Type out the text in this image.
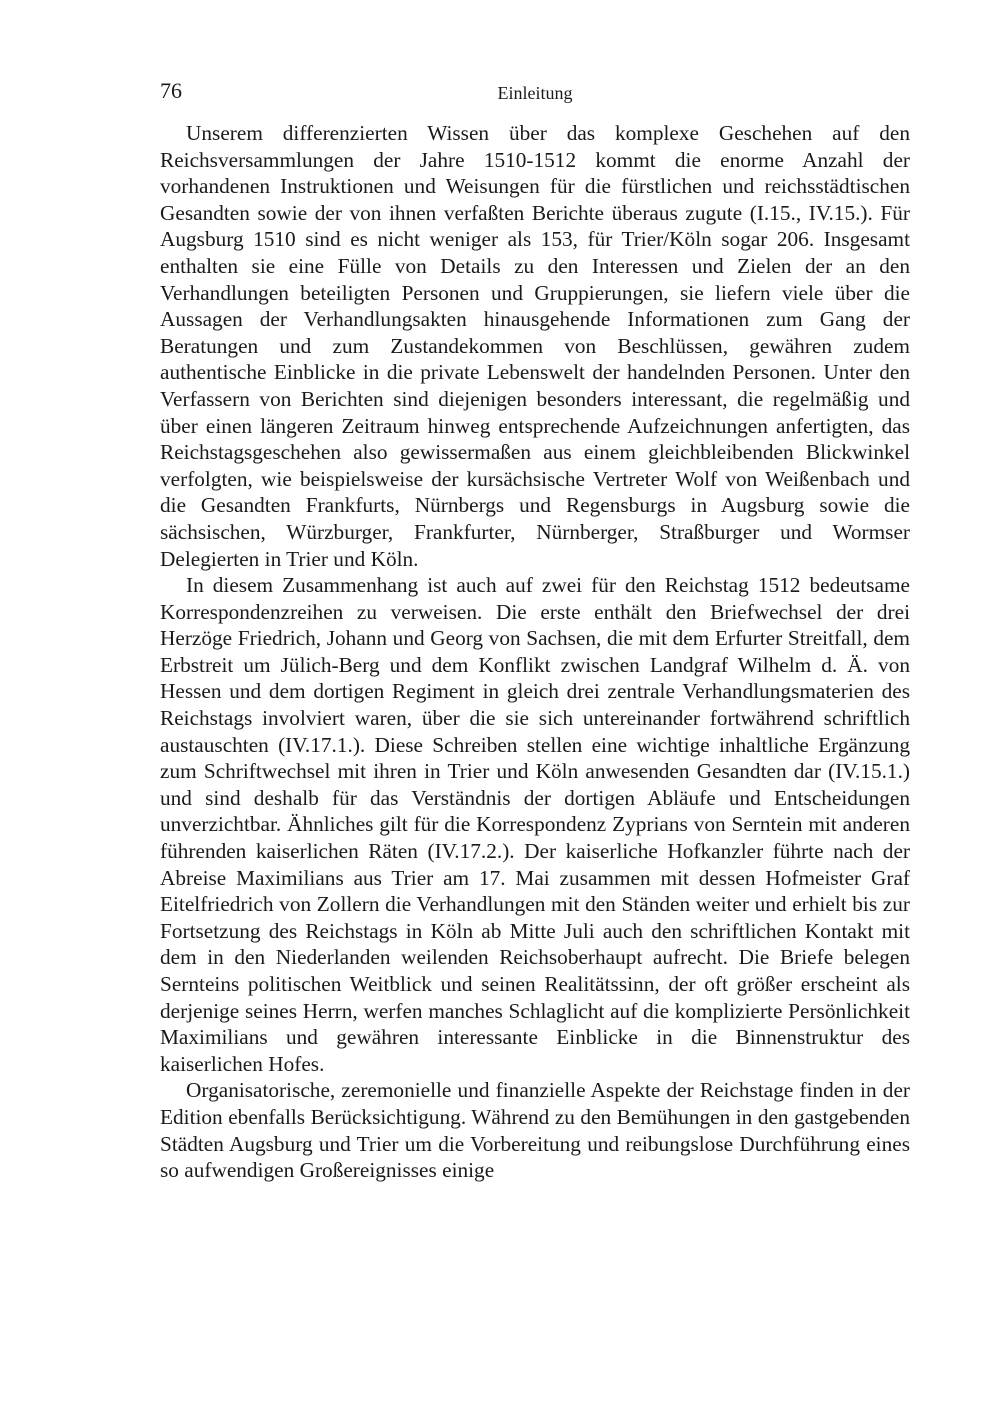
76	Einleitung

Unserem differenzierten Wissen über das komplexe Geschehen auf den Reichsversammlungen der Jahre 1510-1512 kommt die enorme Anzahl der vorhandenen Instruktionen und Weisungen für die fürstlichen und reichsstädtischen Gesandten sowie der von ihnen verfaßten Berichte überaus zugute (I.15., IV.15.). Für Augsburg 1510 sind es nicht weniger als 153, für Trier/Köln sogar 206. Insgesamt enthalten sie eine Fülle von Details zu den Interessen und Zielen der an den Verhandlungen beteiligten Personen und Gruppierungen, sie liefern viele über die Aussagen der Verhandlungsakten hinausgehende Informationen zum Gang der Beratungen und zum Zustandekommen von Beschlüssen, gewähren zudem authentische Einblicke in die private Lebenswelt der handelnden Personen. Unter den Verfassern von Berichten sind diejenigen besonders interessant, die regelmäßig und über einen längeren Zeitraum hinweg entsprechende Aufzeichnungen anfertigten, das Reichstagsgeschehen also gewissermaßen aus einem gleichbleibenden Blickwinkel verfolgten, wie beispielsweise der kursächsische Vertreter Wolf von Weißenbach und die Gesandten Frankfurts, Nürnbergs und Regensburgs in Augsburg sowie die sächsischen, Würzburger, Frankfurter, Nürnberger, Straßburger und Wormser Delegierten in Trier und Köln.

In diesem Zusammenhang ist auch auf zwei für den Reichstag 1512 bedeutsame Korrespondenzreihen zu verweisen. Die erste enthält den Briefwechsel der drei Herzöge Friedrich, Johann und Georg von Sachsen, die mit dem Erfurter Streitfall, dem Erbstreit um Jülich-Berg und dem Konflikt zwischen Landgraf Wilhelm d. Ä. von Hessen und dem dortigen Regiment in gleich drei zentrale Verhandlungsmaterien des Reichstags involviert waren, über die sie sich untereinander fortwährend schriftlich austauschten (IV.17.1.). Diese Schreiben stellen eine wichtige inhaltliche Ergänzung zum Schriftwechsel mit ihren in Trier und Köln anwesenden Gesandten dar (IV.15.1.) und sind deshalb für das Verständnis der dortigen Abläufe und Entscheidungen unverzichtbar. Ähnliches gilt für die Korrespondenz Zyprians von Serntein mit anderen führenden kaiserlichen Räten (IV.17.2.). Der kaiserliche Hofkanzler führte nach der Abreise Maximilians aus Trier am 17. Mai zusammen mit dessen Hofmeister Graf Eitelfriedrich von Zollern die Verhandlungen mit den Ständen weiter und erhielt bis zur Fortsetzung des Reichstags in Köln ab Mitte Juli auch den schriftlichen Kontakt mit dem in den Niederlanden weilenden Reichsoberhaupt aufrecht. Die Briefe belegen Sernteins politischen Weitblick und seinen Realitätssinn, der oft größer erscheint als derjenige seines Herrn, werfen manches Schlaglicht auf die komplizierte Persönlichkeit Maximilians und gewähren interessante Einblicke in die Binnenstruktur des kaiserlichen Hofes.

Organisatorische, zeremonielle und finanzielle Aspekte der Reichstage finden in der Edition ebenfalls Berücksichtigung. Während zu den Bemühungen in den gastgebenden Städten Augsburg und Trier um die Vorbereitung und reibungslose Durchführung eines so aufwendigen Großereignisses einige
